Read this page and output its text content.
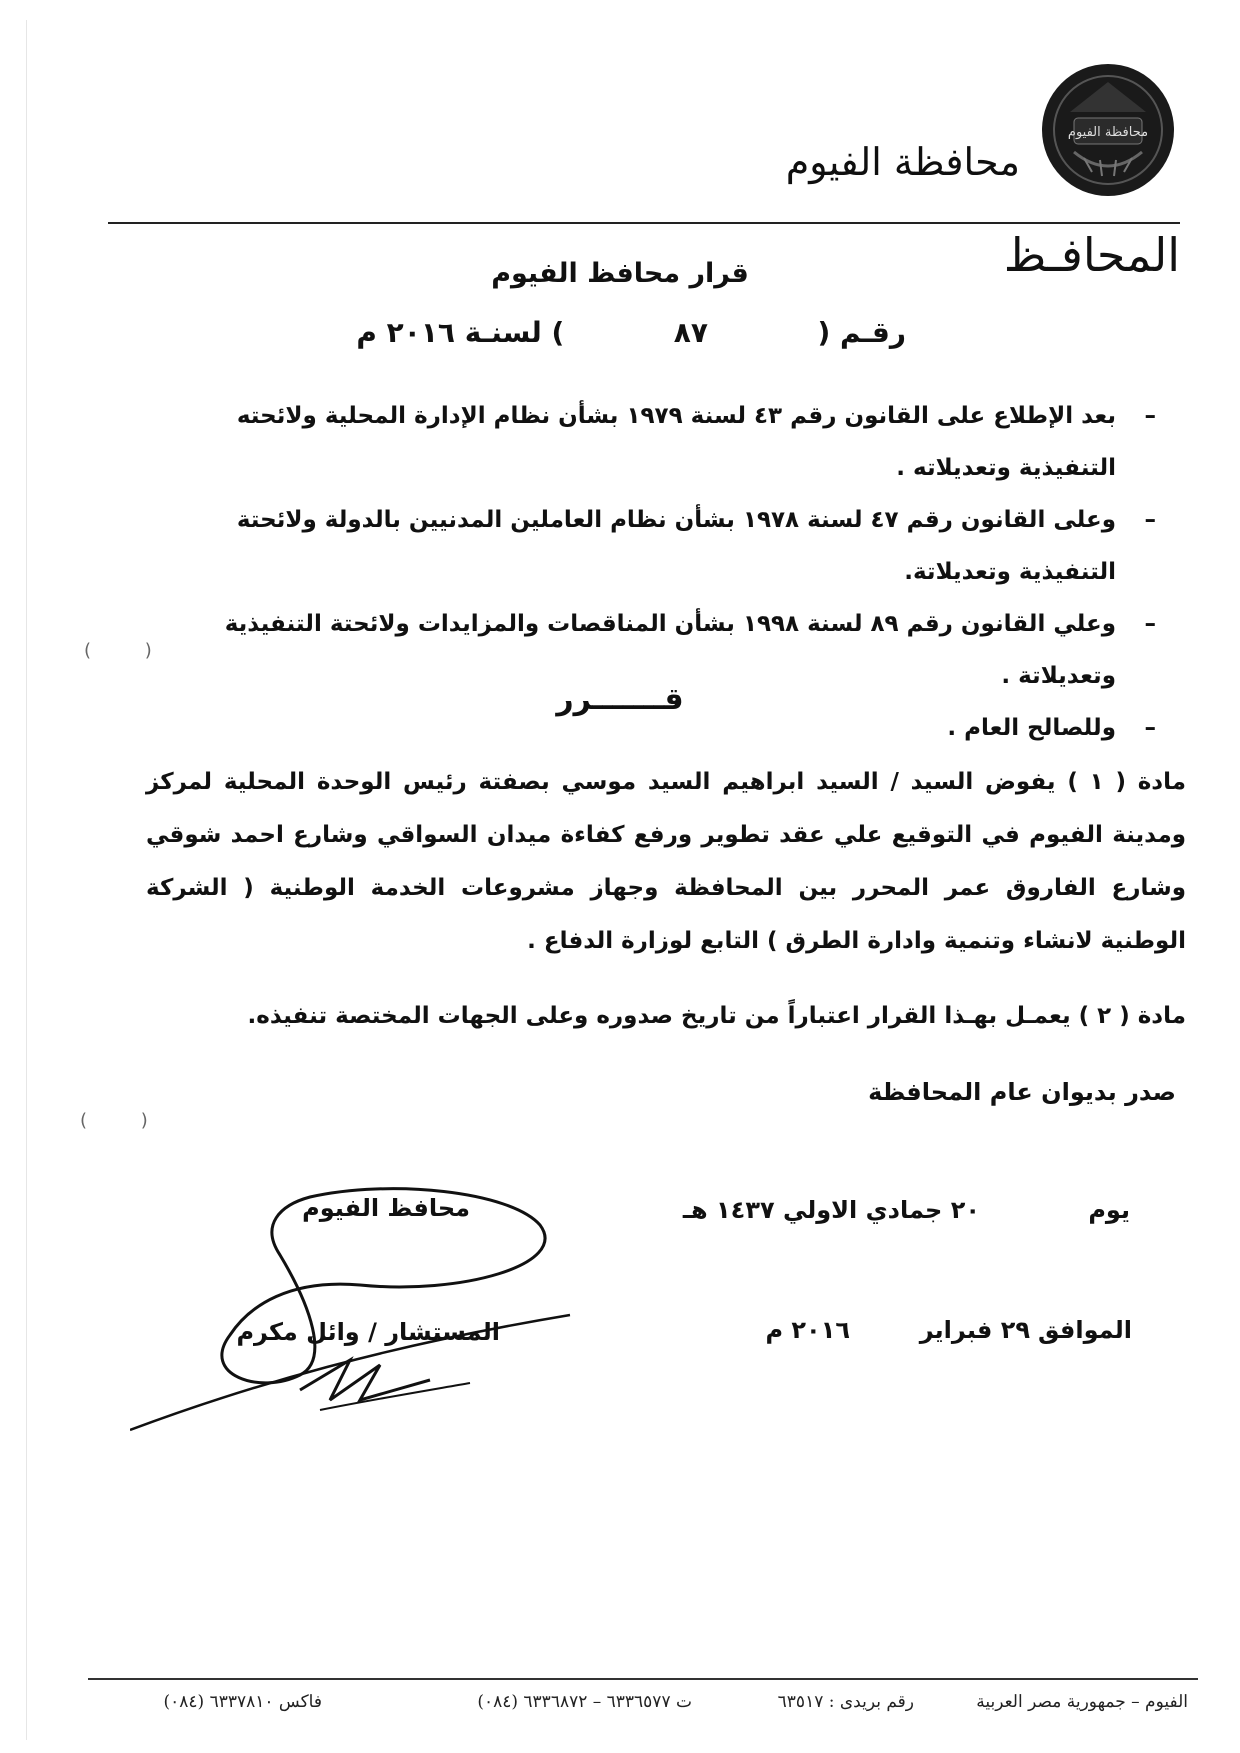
محافظة الفيوم
محافظة الفيوم
المحافـظ
قرار محافظ الفيوم
رقـم (  ٨٧  ) لسنـة ٢٠١٦ م
–
بعد الإطلاع على القانون رقم ٤٣ لسنة ١٩٧٩ بشأن نظام الإدارة المحلية ولائحته التنفيذية وتعديلاته .
–
وعلى القانون رقم ٤٧ لسنة ١٩٧٨ بشأن نظام العاملين المدنيين بالدولة ولائحتة التنفيذية وتعديلاتة.
–
وعلي القانون رقم ٨٩ لسنة ١٩٩٨ بشأن المناقصات والمزايدات ولائحتة التنفيذية وتعديلاتة .
–
وللصالح العام .
( )
قـــــــرر
مادة ( ١ ) يفوض السيد / السيد ابراهيم السيد موسي بصفتة رئيس الوحدة المحلية لمركز ومدينة الفيوم في التوقيع علي عقد تطوير ورفع كفاءة ميدان السواقي وشارع احمد شوقي وشارع الفاروق عمر المحرر بين المحافظة وجهاز مشروعات الخدمة الوطنية ( الشركة الوطنية لانشاء وتنمية وادارة الطرق ) التابع لوزارة الدفاع .
مادة ( ٢ ) يعمـل بهـذا القرار اعتباراً من تاريخ صدوره وعلى الجهات المختصة تنفيذه.
صدر بديوان عام المحافظة
( )
يوم
٢٠ جمادي الاولي ١٤٣٧ هـ
الموافق
٢٩ فبراير
٢٠١٦ م
محافظ الفيوم
المستشار / وائل مكرم
الفيوم – جمهورية مصر العربية
رقم بريدى : ٦٣٥١٧
ت ٦٣٣٦٥٧٧ – ٦٣٣٦٨٧٢ (٠٨٤)
فاكس ٦٣٣٧٨١٠ (٠٨٤)
